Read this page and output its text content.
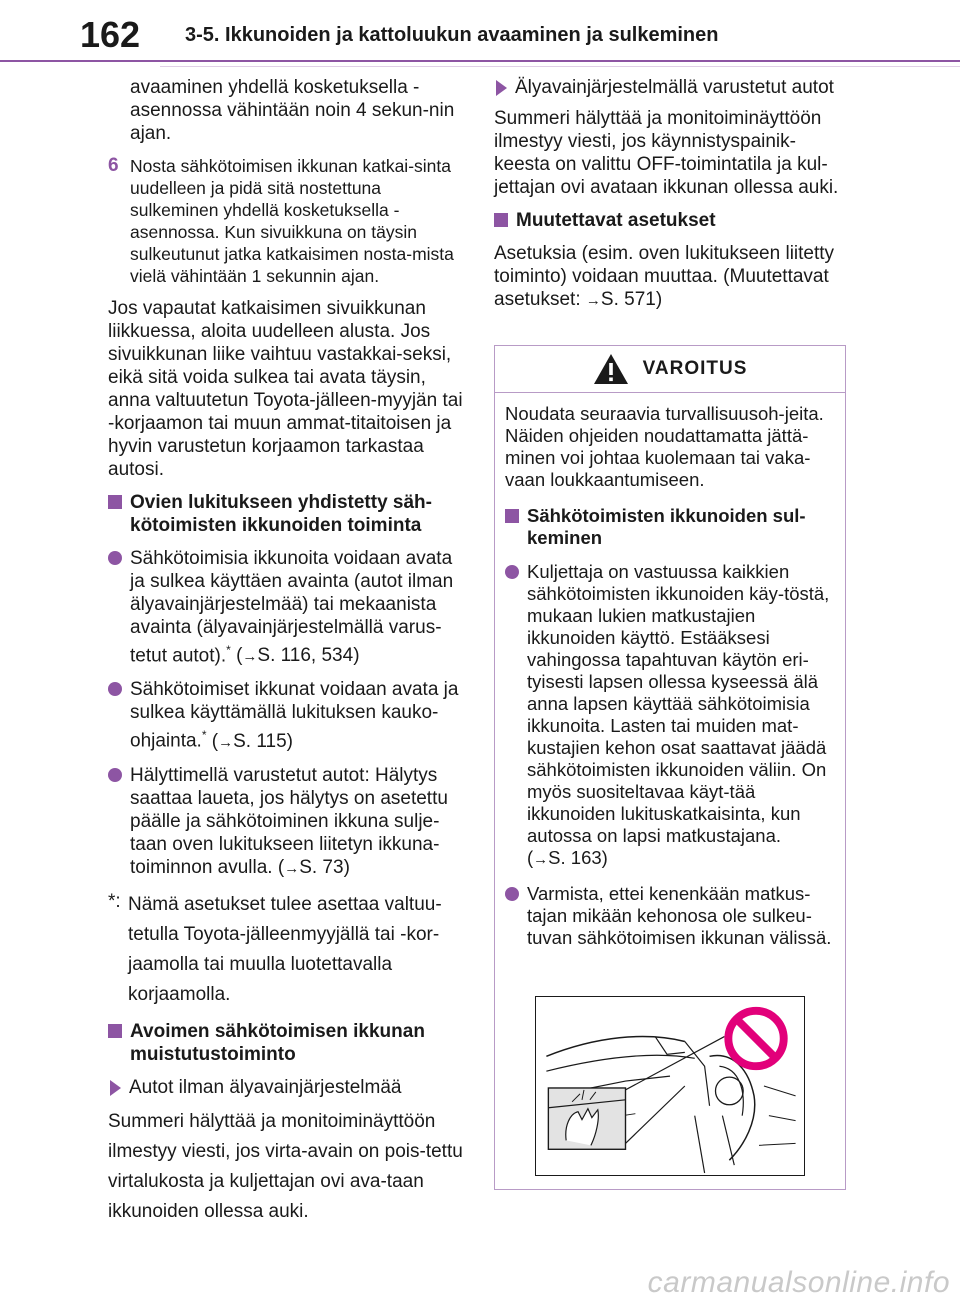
162 3-5. Ikkunoiden ja kattoluukun avaaminen ja sulkeminen

avaaminen yhdellä kosketuksella -asennossa vähintään noin 4 sekun-nin ajan.

6 Nosta sähkötoimisen ikkunan katkai-sinta uudelleen ja pidä sitä nostettuna sulkeminen yhdellä kosketuksella -asennossa. Kun sivuikkuna on täysin sulkeutunut jatka katkaisimen nosta-mista vielä vähintään 1 sekunnin ajan.

Jos vapautat katkaisimen sivuikkunan liikkuessa, aloita uudelleen alusta. Jos sivuikkunan liike vaihtuu vastakkai-seksi, eikä sitä voida sulkea tai avata täysin, anna valtuutetun Toyota-jälleen-myyjän tai -korjaamon tai muun ammat-titaitoisen ja hyvin varustetun korjaamon tarkastaa autosi.

Ovien lukitukseen yhdistetty säh-kötoimisten ikkunoiden toiminta
Sähkötoimisia ikkunoita voidaan avata ja sulkea käyttäen avainta (autot ilman älyavainjärjestelmää) tai mekaanista avainta (älyavainjärjestelmällä varus-tetut autot).* (→S. 116, 534)
Sähkötoimiset ikkunat voidaan avata ja sulkea käyttämällä lukituksen kauko-ohjainta.* (→S. 115)
Hälyttimellä varustetut autot: Hälytys saattaa laueta, jos hälytys on asetettu päälle ja sähkötoiminen ikkuna sulje-taan oven lukitukseen liitetyn ikkuna-toiminnon avulla. (→S. 73)
*: Nämä asetukset tulee asettaa valtuu-tetulla Toyota-jälleenmyyjällä tai -kor-jaamolla tai muulla luotettavalla korjaamolla.
Avoimen sähkötoimisen ikkunan muistutustoiminto
Autot ilman älyavainjärjestelmää

Summeri hälyttää ja monitoiminäyttöön ilmestyy viesti, jos virta-avain on pois-tettu virtalukosta ja kuljettajan ovi ava-taan ikkunoiden ollessa auki.

Älyavainjärjestelmällä varustetut autot

Summeri hälyttää ja monitoiminäyttöön ilmestyy viesti, jos käynnistyspainik-keesta on valittu OFF-toimintatila ja kul-jettajan ovi avataan ikkunan ollessa auki.

Muutettavat asetukset

Asetuksia (esim. oven lukitukseen liitetty toiminto) voidaan muuttaa. (Muutettavat asetukset: →S. 571)

VAROITUS

Noudata seuraavia turvallisuusoh-jeita. Näiden ohjeiden noudattamatta jättä-minen voi johtaa kuolemaan tai vaka-vaan loukkaantumiseen.

Sähkötoimisten ikkunoiden sul-keminen
Kuljettaja on vastuussa kaikkien sähkötoimisten ikkunoiden käy-töstä, mukaan lukien matkustajien ikkunoiden käyttö. Estääksesi vahingossa tapahtuvan käytön eri-tyisesti lapsen ollessa kyseessä älä anna lapsen käyttää sähkötoimisia ikkunoita. Lasten tai muiden mat-kustajien kehon osat saattavat jäädä sähkötoimisten ikkunoiden väliin. On myös suositeltavaa käyt-tää ikkunoiden lukituskatkaisinta, kun autossa on lapsi matkustajana. (→S. 163)
Varmista, ettei kenenkään matkus-tajan mikään kehonosa ole sulkeu-tuvan sähkötoimisen ikkunan välissä.
carmanualsonline.info
